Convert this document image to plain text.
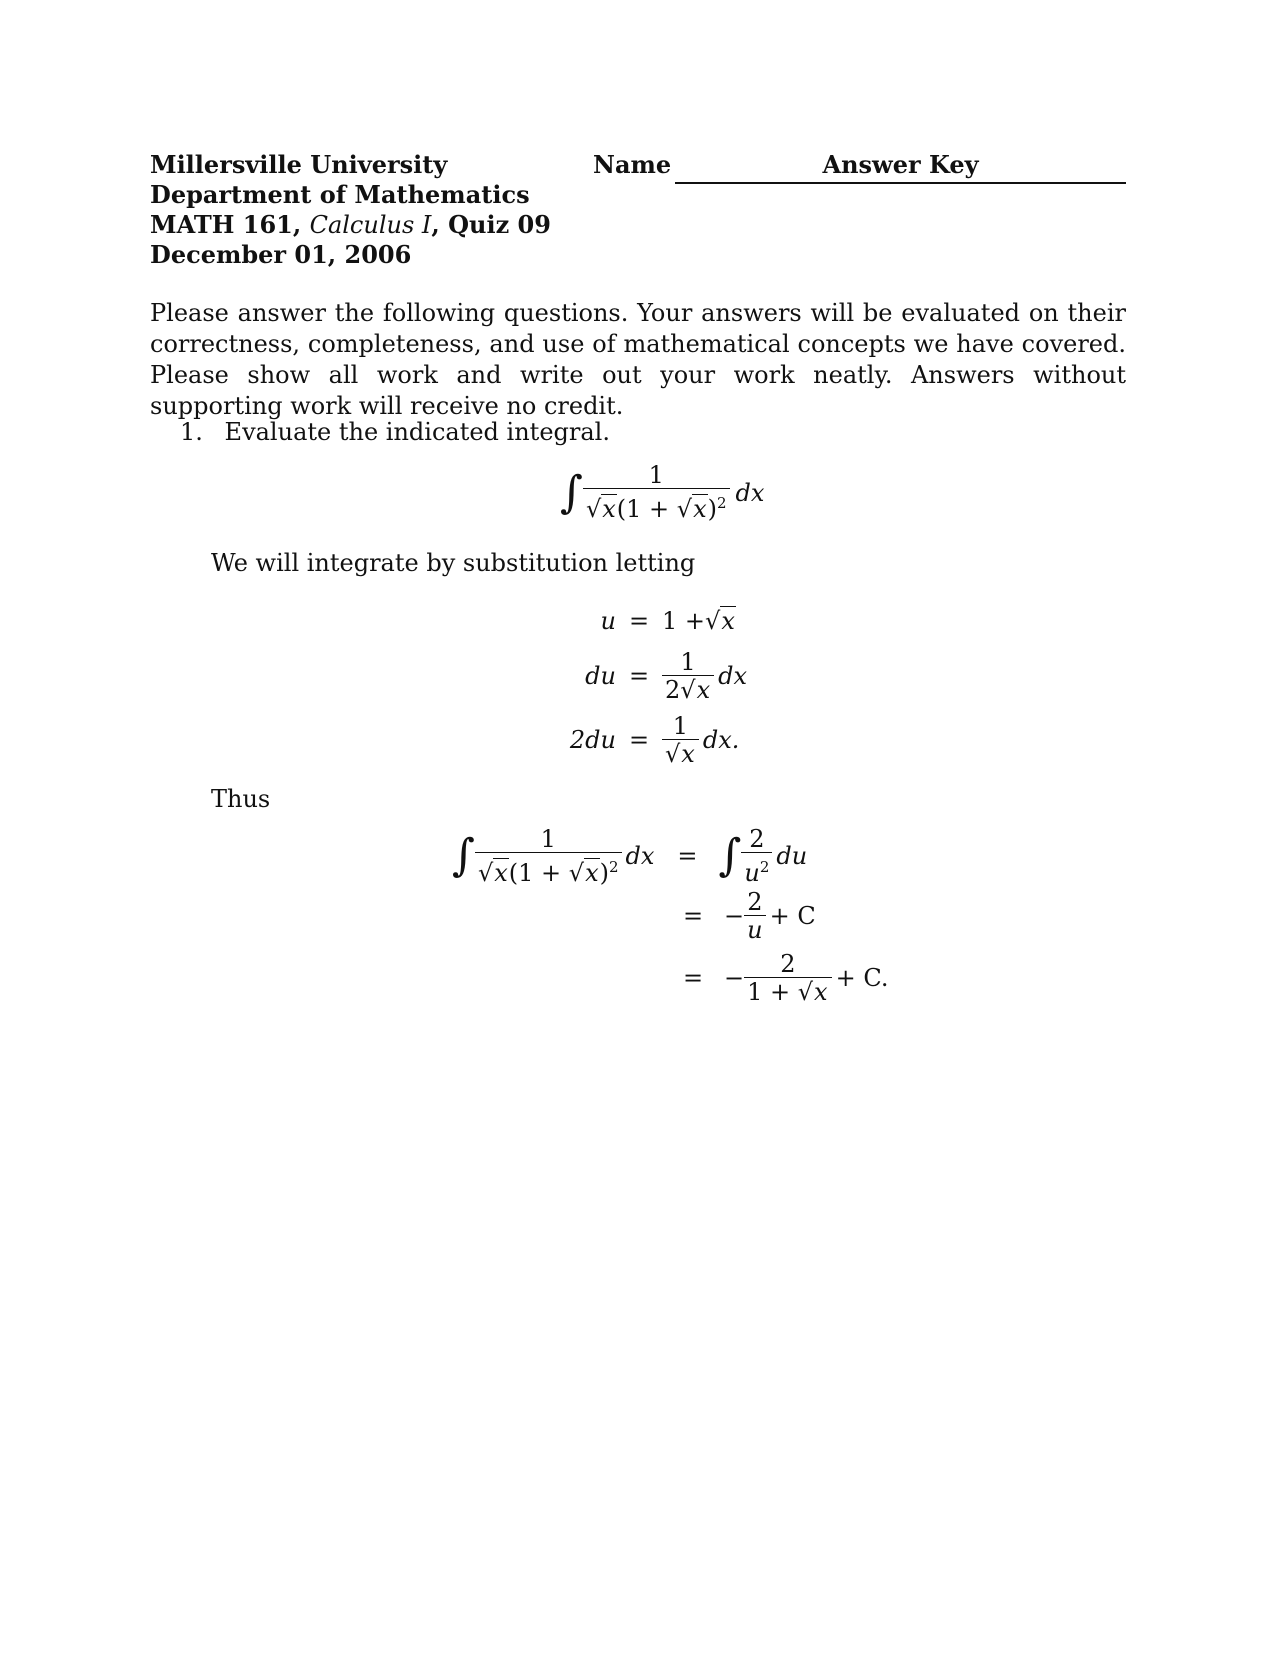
Millersville University
Department of Mathematics
MATH 161, Calculus I, Quiz 09
December 01, 2006
Name	Answer Key
Please answer the following questions. Your answers will be evaluated on their correctness, completeness, and use of mathematical concepts we have covered. Please show all work and write out your work neatly. Answers without supporting work will receive no credit.
1. Evaluate the indicated integral.
∫ $\frac{1}{√x(1 + √x)^2}$ dx
We will integrate by substitution letting
u = 1 + √ x
du = $\frac{1}{2√x}$ dx
$2du = \frac{1}{√x}$ dx.
Thus
∫ $\frac{1}{√x(1 + √x)^2}$ dx = ∫ $\frac{2}{u^2}$ du
= − $\frac{2}{u} + C$
= − $\frac{2}{1 + √x} + C$.
